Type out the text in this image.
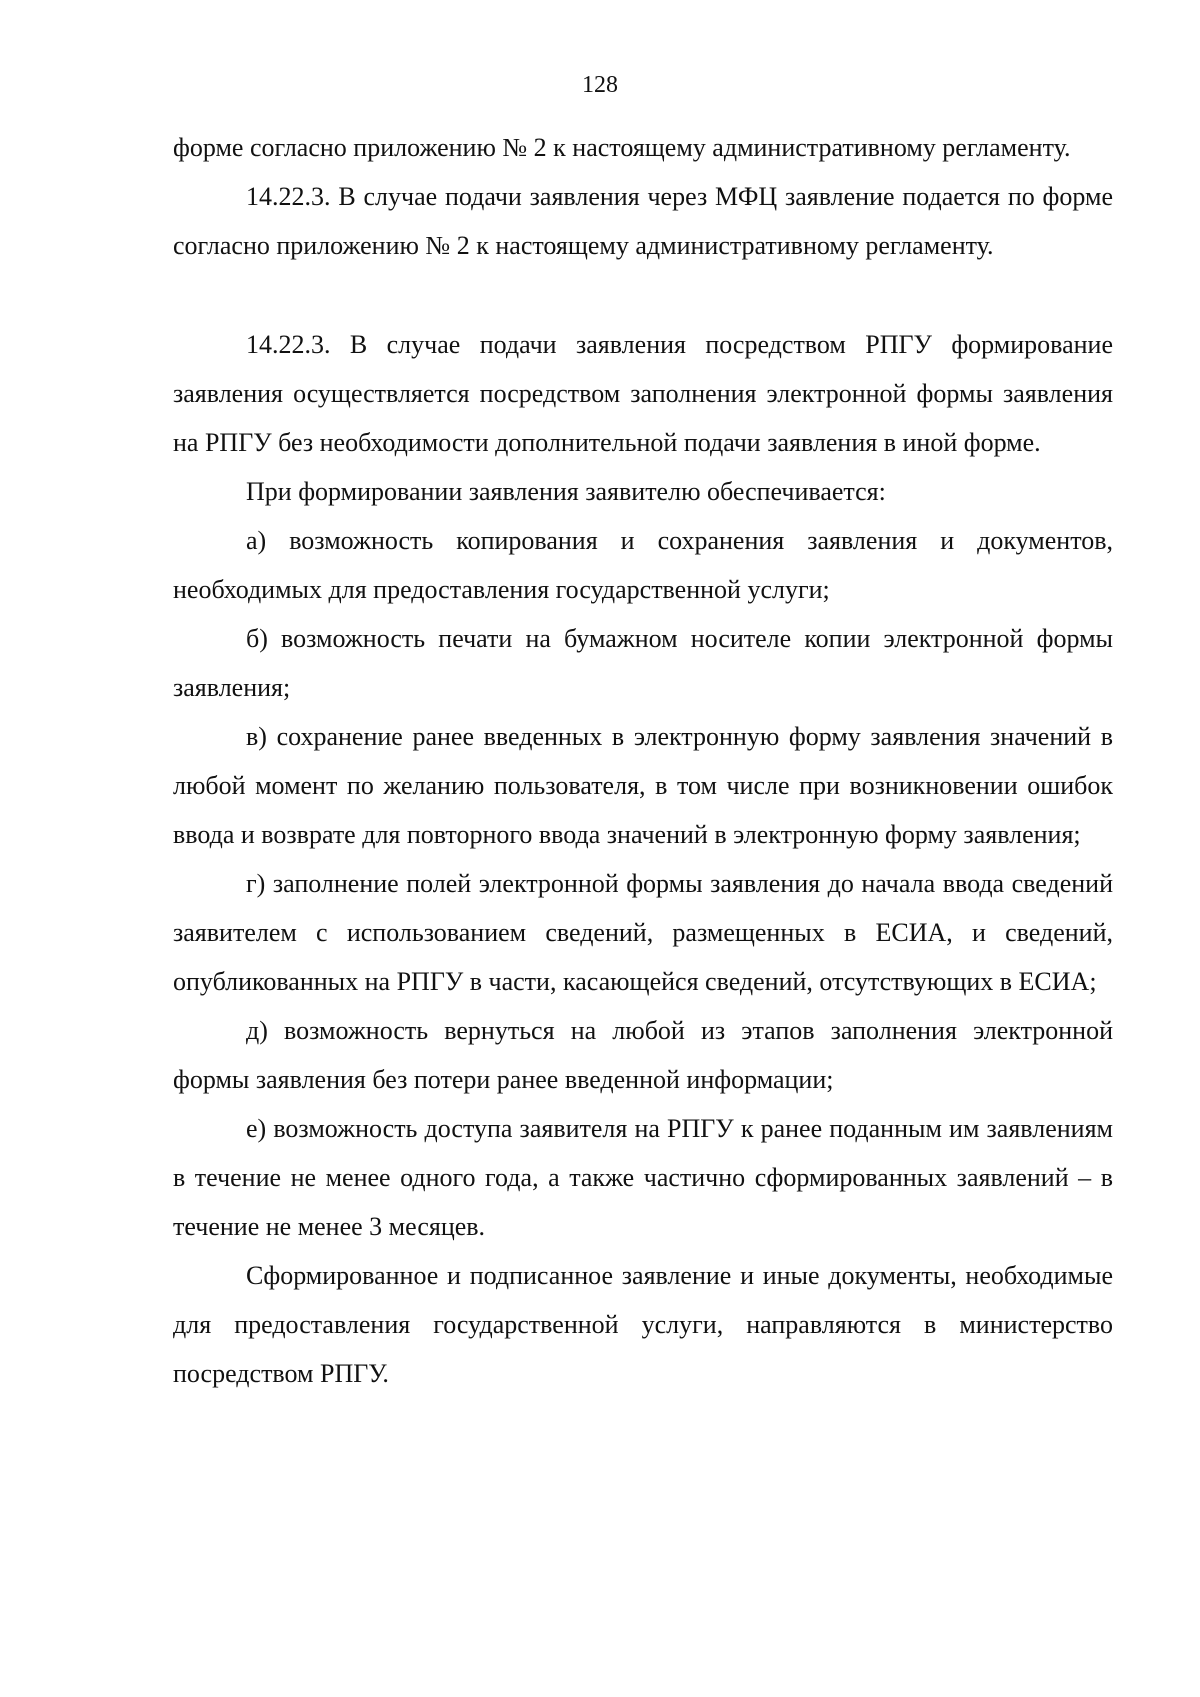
128

форме согласно приложению № 2 к настоящему административному регламенту.

14.22.3. В случае подачи заявления через МФЦ заявление подается по форме согласно приложению № 2 к настоящему административному регламенту.

14.22.3. В случае подачи заявления посредством РПГУ формирование заявления осуществляется посредством заполнения электронной формы заявления на РПГУ без необходимости дополнительной подачи заявления в иной форме.

При формировании заявления заявителю обеспечивается:

а) возможность копирования и сохранения заявления и документов, необходимых для предоставления государственной услуги;

б) возможность печати на бумажном носителе копии электронной формы заявления;

в) сохранение ранее введенных в электронную форму заявления значений в любой момент по желанию пользователя, в том числе при возникновении ошибок ввода и возврате для повторного ввода значений в электронную форму заявления;

г) заполнение полей электронной формы заявления до начала ввода сведений заявителем с использованием сведений, размещенных в ЕСИА, и сведений, опубликованных на РПГУ в части, касающейся сведений, отсутствующих в ЕСИА;

д) возможность вернуться на любой из этапов заполнения электронной формы заявления без потери ранее введенной информации;

е) возможность доступа заявителя на РПГУ к ранее поданным им заявлениям в течение не менее одного года, а также частично сформированных заявлений – в течение не менее 3 месяцев.

Сформированное и подписанное заявление и иные документы, необходимые для предоставления государственной услуги, направляются в министерство посредством РПГУ.
